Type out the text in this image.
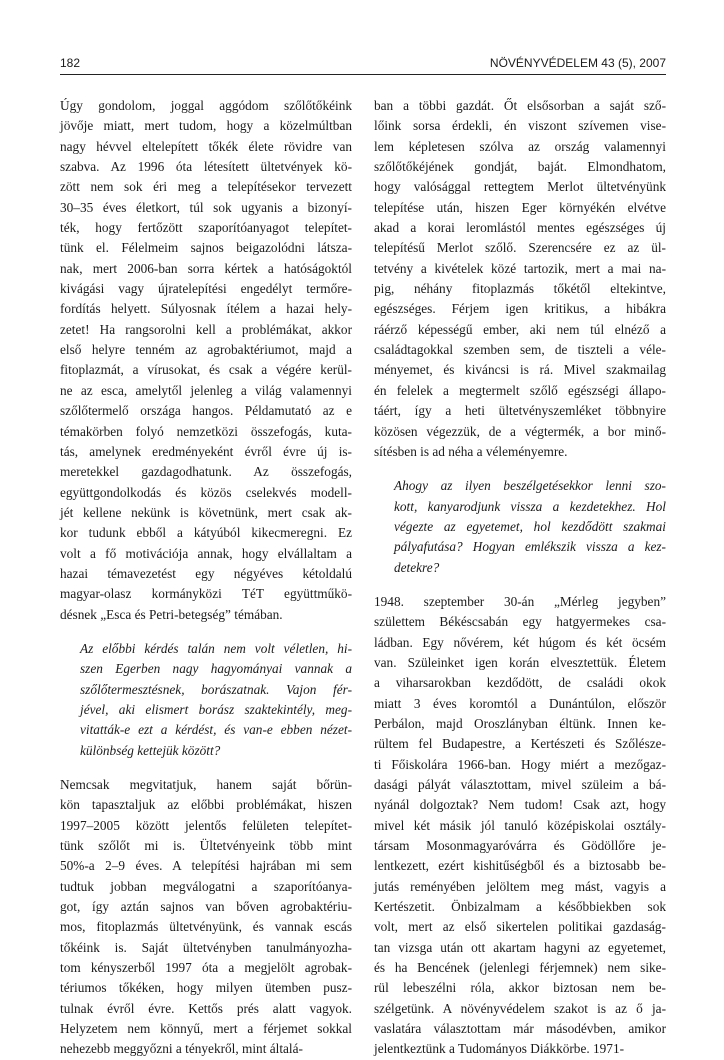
182	NÖVÉNYVÉDELEM 43 (5), 2007

Úgy gondolom, joggal aggódom szőlőtőkéink

jövője miatt, mert tudom, hogy a közelmúltban

nagy hévvel eltelepített tőkék élete rövidre van

szabva. Az 1996 óta létesített ültetvények kö-

zött nem sok éri meg a telepítésekor tervezett

30–35 éves életkort, túl sok ugyanis a bizonyí-

ték, hogy fertőzött szaporítóanyagot telepítet-

tünk el. Félelmeim sajnos beigazolódni látsza-

nak, mert 2006-ban sorra kértek a hatóságoktól

kivágási vagy újratelepítési engedélyt termőre-

fordítás helyett. Súlyosnak ítélem a hazai hely-

zetet! Ha rangsorolni kell a problémákat, akkor

első helyre tenném az agrobaktériumot, majd a

fitoplazmát, a vírusokat, és csak a végére kerül-

ne az esca, amelytől jelenleg a világ valamennyi

szőlőtermelő országa hangos. Példamutató az e

témakörben folyó nemzetközi összefogás, kuta-

tás, amelynek eredményeként évről évre új is-

meretekkel gazdagodhatunk. Az összefogás,

együttgondolkodás és közös cselekvés modell-

jét kellene nekünk is követnünk, mert csak ak-

kor tudunk ebből a kátyúból kikecmeregni. Ez

volt a fő motivációja annak, hogy elvállaltam a

hazai témavezetést egy négyéves kétoldalú

magyar-olasz kormányközi TéT együttműkö-

désnek „Esca és Petri-betegség” témában.

Az előbbi kérdés talán nem volt véletlen, hi-

szen Egerben nagy hagyományai vannak a

szőlőtermesztésnek, borászatnak. Vajon fér-

jével, aki elismert borász szaktekintély, meg-

vitatták-e ezt a kérdést, és van-e ebben nézet-

különbség kettejük között?

Nemcsak megvitatjuk, hanem saját bőrün-

kön tapasztaljuk az előbbi problémákat, hiszen

1997–2005 között jelentős felületen telepítet-

tünk szőlőt mi is. Ültetvényeink több mint

50%-a 2–9 éves. A telepítési hajrában mi sem

tudtuk jobban megválogatni a szaporítóanya-

got, így aztán sajnos van bőven agrobaktériu-

mos, fitoplazmás ültetvényünk, és vannak escás

tőkéink is. Saját ültetvényben tanulmányozha-

tom kényszerből 1997 óta a megjelölt agrobak-

tériumos tőkéken, hogy milyen ütemben pusz-

tulnak évről évre. Kettős prés alatt vagyok.

Helyzetem nem könnyű, mert a férjemet sokkal

nehezebb meggyőzni a tényekről, mint általá-

ban a többi gazdát. Őt elsősorban a saját sző-

lőink sorsa érdekli, én viszont szívemen vise-

lem képletesen szólva az ország valamennyi

szőlőtőkéjének gondját, baját. Elmondhatom,

hogy valósággal rettegtem Merlot ültetvényünk

telepítése után, hiszen Eger környékén elvétve

akad a korai leromlástól mentes egészséges új

telepítésű Merlot szőlő. Szerencsére ez az ül-

tetvény a kivételek közé tartozik, mert a mai na-

pig, néhány fitoplazmás tőkétől eltekintve,

egészséges. Férjem igen kritikus, a hibákra

ráérző képességű ember, aki nem túl elnéző a

családtagokkal szemben sem, de tiszteli a véle-

ményemet, és kiváncsi is rá. Mivel szakmailag

én felelek a megtermelt szőlő egészségi állapo-

táért, így a heti ültetvényszemléket többnyire

közösen végezzük, de a végtermék, a bor minő-

sítésben is ad néha a véleményemre.

Ahogy az ilyen beszélgetésekkor lenni szo-

kott, kanyarodjunk vissza a kezdetekhez. Hol

végezte az egyetemet, hol kezdődött szakmai

pályafutása? Hogyan emlékszik vissza a kez-

detekre?

1948. szeptember 30-án „Mérleg jegyben”

születtem Békéscsabán egy hatgyermekes csa-

ládban. Egy nővérem, két húgom és két öcsém

van. Szüleinket igen korán elvesztettük. Életem

a viharsarokban kezdődött, de családi okok

miatt 3 éves koromtól a Dunántúlon, először

Perbálon, majd Oroszlányban éltünk. Innen ke-

rültem fel Budapestre, a Kertészeti és Szőlésze-

ti Főiskolára 1966-ban. Hogy miért a mezőgaz-

dasági pályát választottam, mivel szüleim a bá-

nyánál dolgoztak? Nem tudom! Csak azt, hogy

mivel két másik jól tanuló középiskolai osztály-

társam Mosonmagyaróvárra és Gödöllőre je-

lentkezett, ezért kishitűségből és a biztosabb be-

jutás reményében jelöltem meg mást, vagyis a

Kertészetit. Önbizalmam a későbbiekben sok

volt, mert az első sikertelen politikai gazdaság-

tan vizsga után ott akartam hagyni az egyetemet,

és ha Bencének (jelenlegi férjemnek) nem sike-

rül lebeszélni róla, akkor biztosan nem be-

szélgetünk. A növényvédelem szakot is az ő ja-

vaslatára választottam már másodévben, amikor

jelentkeztünk a Tudományos Diákkörbe. 1971-
